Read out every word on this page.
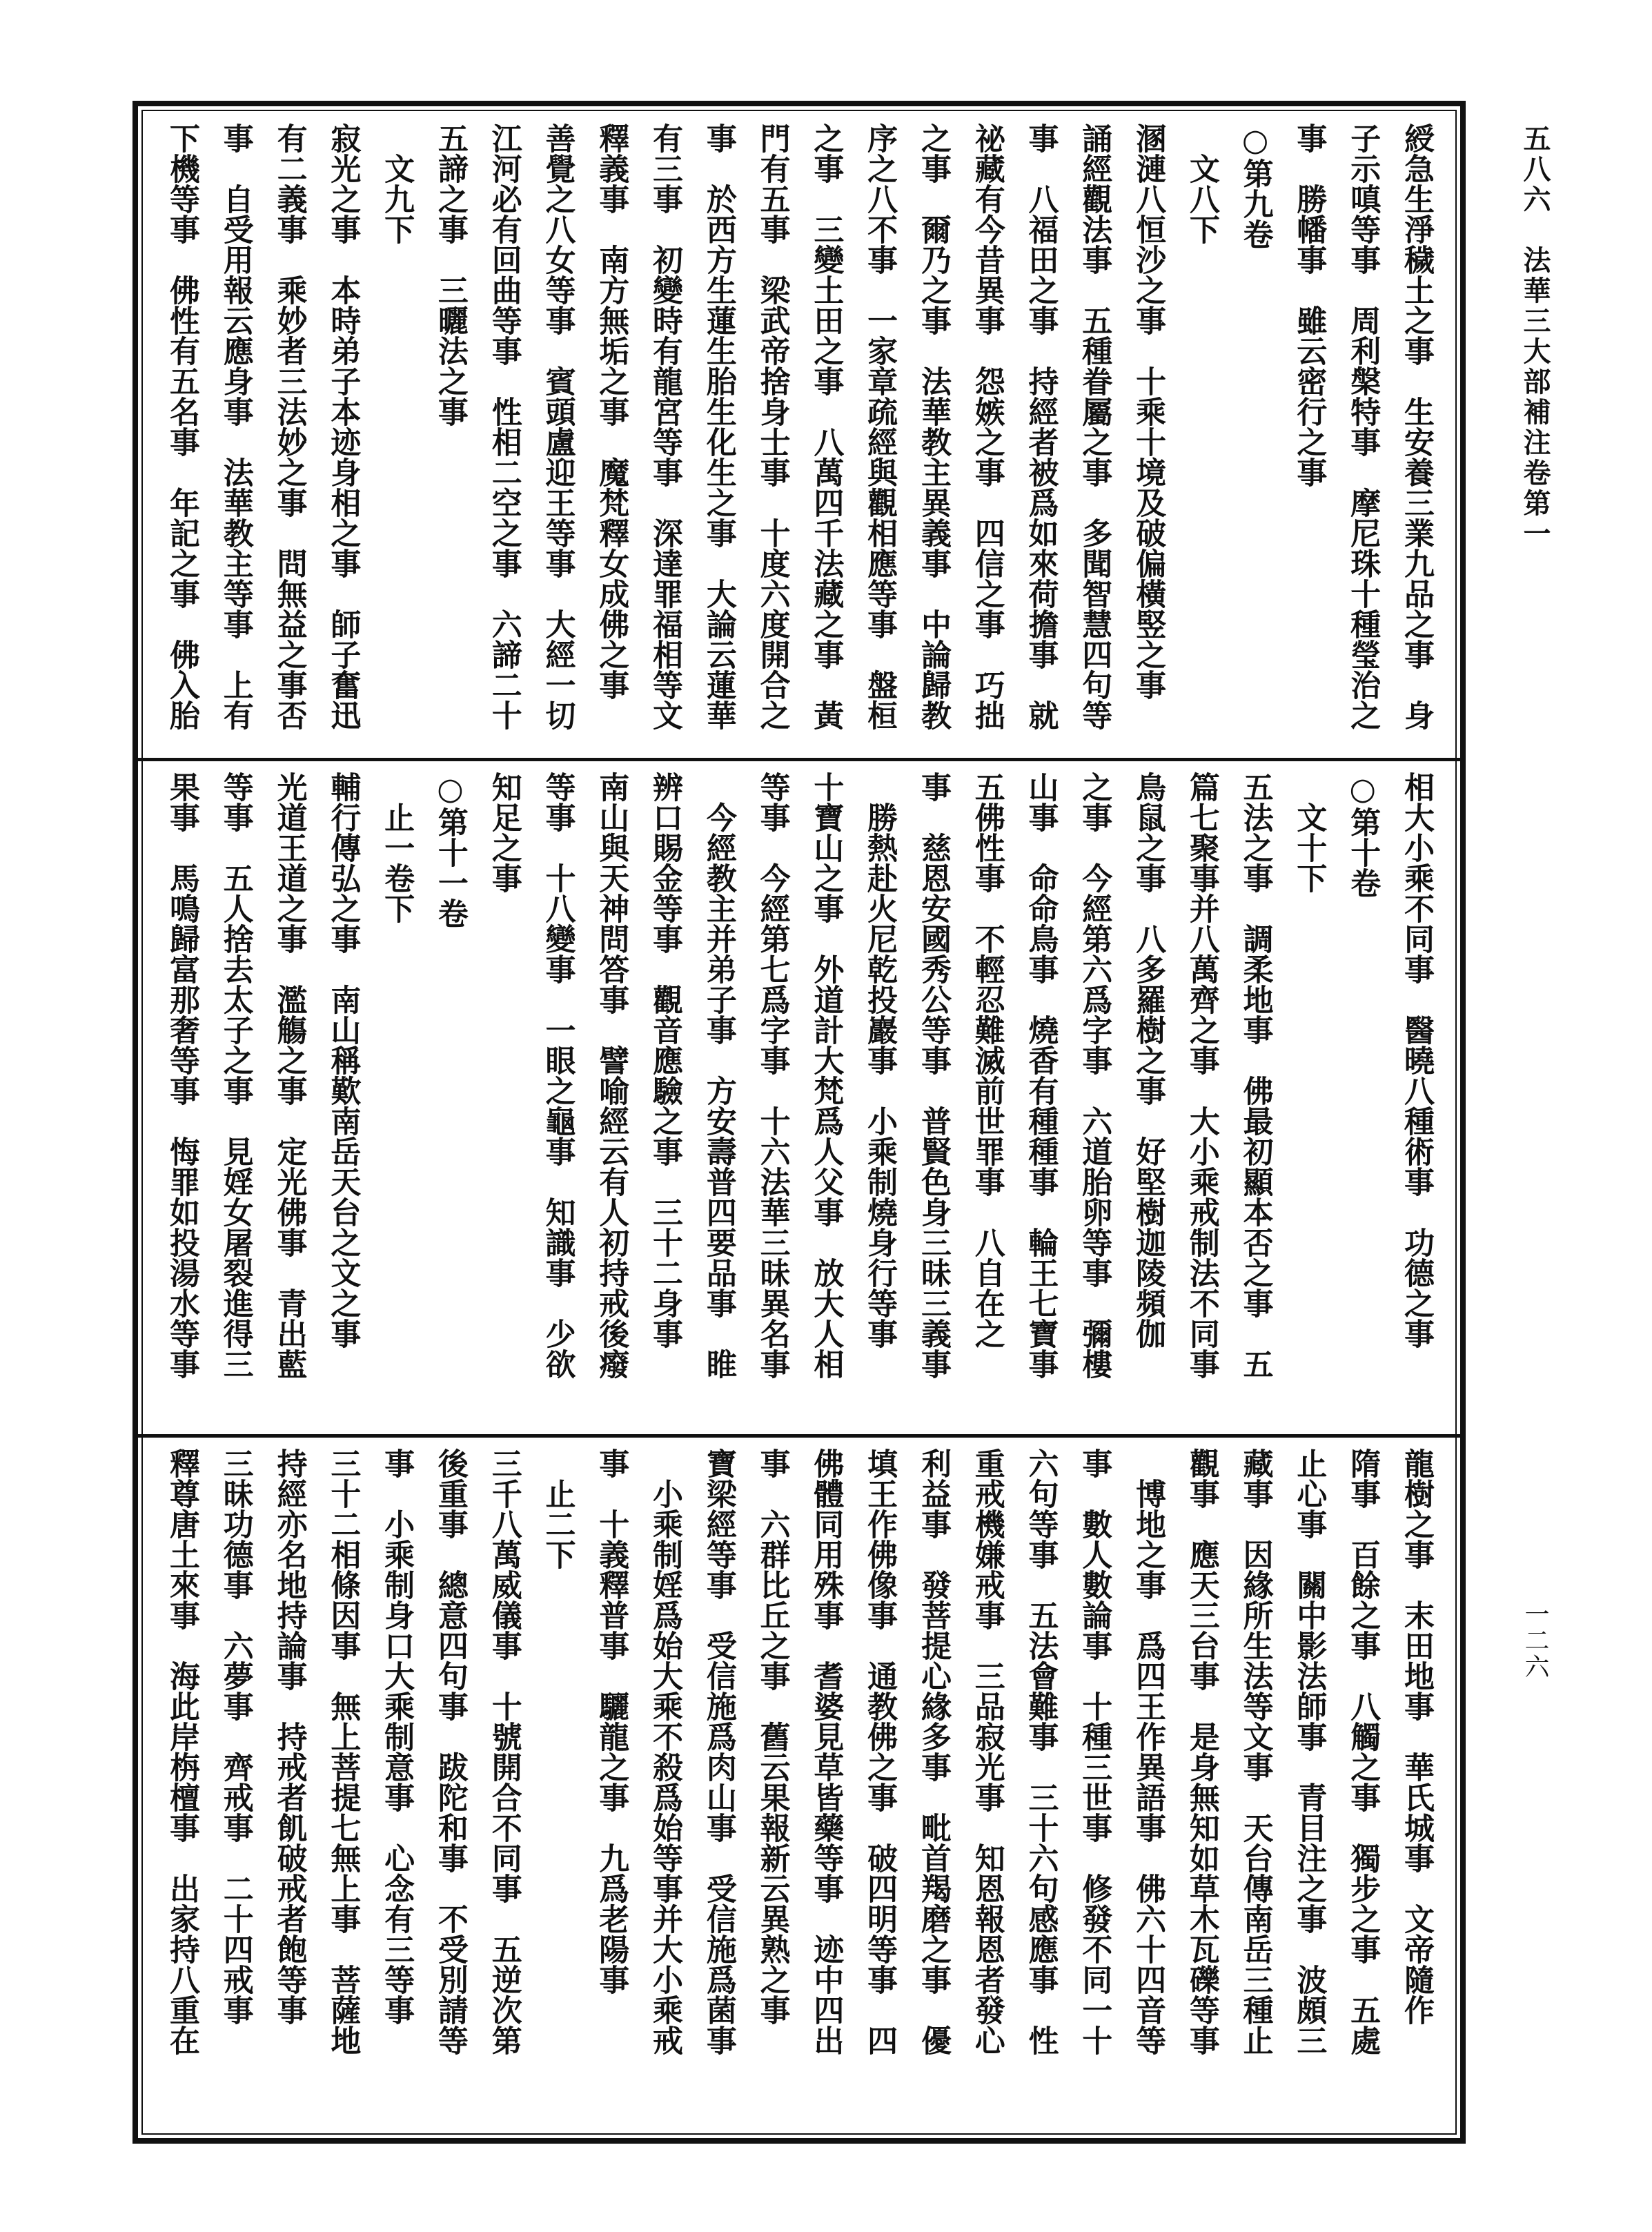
五八六　法華三大部補注卷第一
一二六
綬急生淨穢土之事　生安養三業九品之事　身
子示嗔等事　周利槃特事　摩尼珠十種瑩治之
事　勝幡事　雖云密行之事
○第九卷
　文八下
溷漣八恒沙之事　十乘十境及破偏橫竪之事
誦經觀法事　五種眷屬之事　多聞智慧四句等
事　八福田之事　持經者被爲如來荷擔事　就
祕藏有今昔異事　怨嫉之事　四信之事　巧拙
之事　爾乃之事　法華教主異義事　中論歸教
序之八不事　一家章疏經與觀相應等事　盤桓
之事　三變土田之事　八萬四千法藏之事　黃
門有五事　梁武帝捨身士事　十度六度開合之
事　於西方生蓮生胎生化生之事　大論云蓮華
有三事　初變時有龍宮等事　深達罪福相等文
釋義事　南方無垢之事　魔梵釋女成佛之事
善覺之八女等事　賓頭盧迎王等事　大經一切
江河必有回曲等事　性相二空之事　六諦二十
五諦之事　三曬法之事
　文九下
寂光之事　本時弟子本迹身相之事　師子奮迅
有二義事　乘妙者三法妙之事　問無益之事否
事　自受用報云應身事　法華教主等事　上有
下機等事　佛性有五名事　年記之事　佛入胎
相大小乘不同事　醫曉八種術事　功德之事
○第十卷
　文十下
五法之事　調柔地事　佛最初顯本否之事　五
篇七聚事并八萬齊之事　大小乘戒制法不同事
鳥鼠之事　八多羅樹之事　好堅樹迦陵頻伽
之事　今經第六爲字事　六道胎卵等事　彌樓
山事　命命鳥事　燒香有種種事　輪王七寶事
五佛性事　不輕忍難滅前世罪事　八自在之
事　慈恩安國秀公等事　普賢色身三昧三義事
　勝熱赴火尼乾投巖事　小乘制燒身行等事
十寶山之事　外道計大梵爲人父事　放大人相
等事　今經第七爲字事　十六法華三昧異名事
　今經教主并弟子事　方安壽普四要品事　睢
辨口賜金等事　觀音應驗之事　三十二身事
南山與天神問答事　譬喻經云有人初持戒後癈
等事　十八變事　一眼之龜事　知識事　少欲
知足之事
○第十一卷
　止一卷下
輔行傳弘之事　南山稱歎南岳天台之文之事
光道王道之事　濫觴之事　定光佛事　青出藍
等事　五人捨去太子之事　見婬女屠裂進得三
果事　馬鳴歸富那奢等事　悔罪如投湯水等事
龍樹之事　末田地事　華氏城事　文帝隨作
隋事　百餘之事　八觸之事　獨步之事　五處
止心事　關中影法師事　青目注之事　波頗三
藏事　因緣所生法等文事　天台傳南岳三種止
觀事　應天三台事　是身無知如草木瓦礫等事
　博地之事　爲四王作異語事　佛六十四音等
事　數人數論事　十種三世事　修發不同一十
六句等事　五法會難事　三十六句感應事　性
重戒機嫌戒事　三品寂光事　知恩報恩者發心
利益事　發菩提心緣多事　毗首羯磨之事　優
填王作佛像事　通教佛之事　破四明等事　四
佛體同用殊事　耆婆見草皆藥等事　迹中四出
事　六群比丘之事　舊云果報新云異熟之事
寶梁經等事　受信施爲肉山事　受信施爲菌事
　小乘制婬爲始大乘不殺爲始等事并大小乘戒
事　十義釋普事　驪龍之事　九爲老陽事
　止二下
三千八萬威儀事　十號開合不同事　五逆次第
後重事　總意四句事　跋陀和事　不受別請等
事　小乘制身口大乘制意事　心念有三等事
三十二相條因事　無上菩提七無上事　菩薩地
持經亦名地持論事　持戒者飢破戒者飽等事
三昧功德事　六夢事　齊戒事　二十四戒事
釋尊唐土來事　海此岸栴檀事　出家持八重在
